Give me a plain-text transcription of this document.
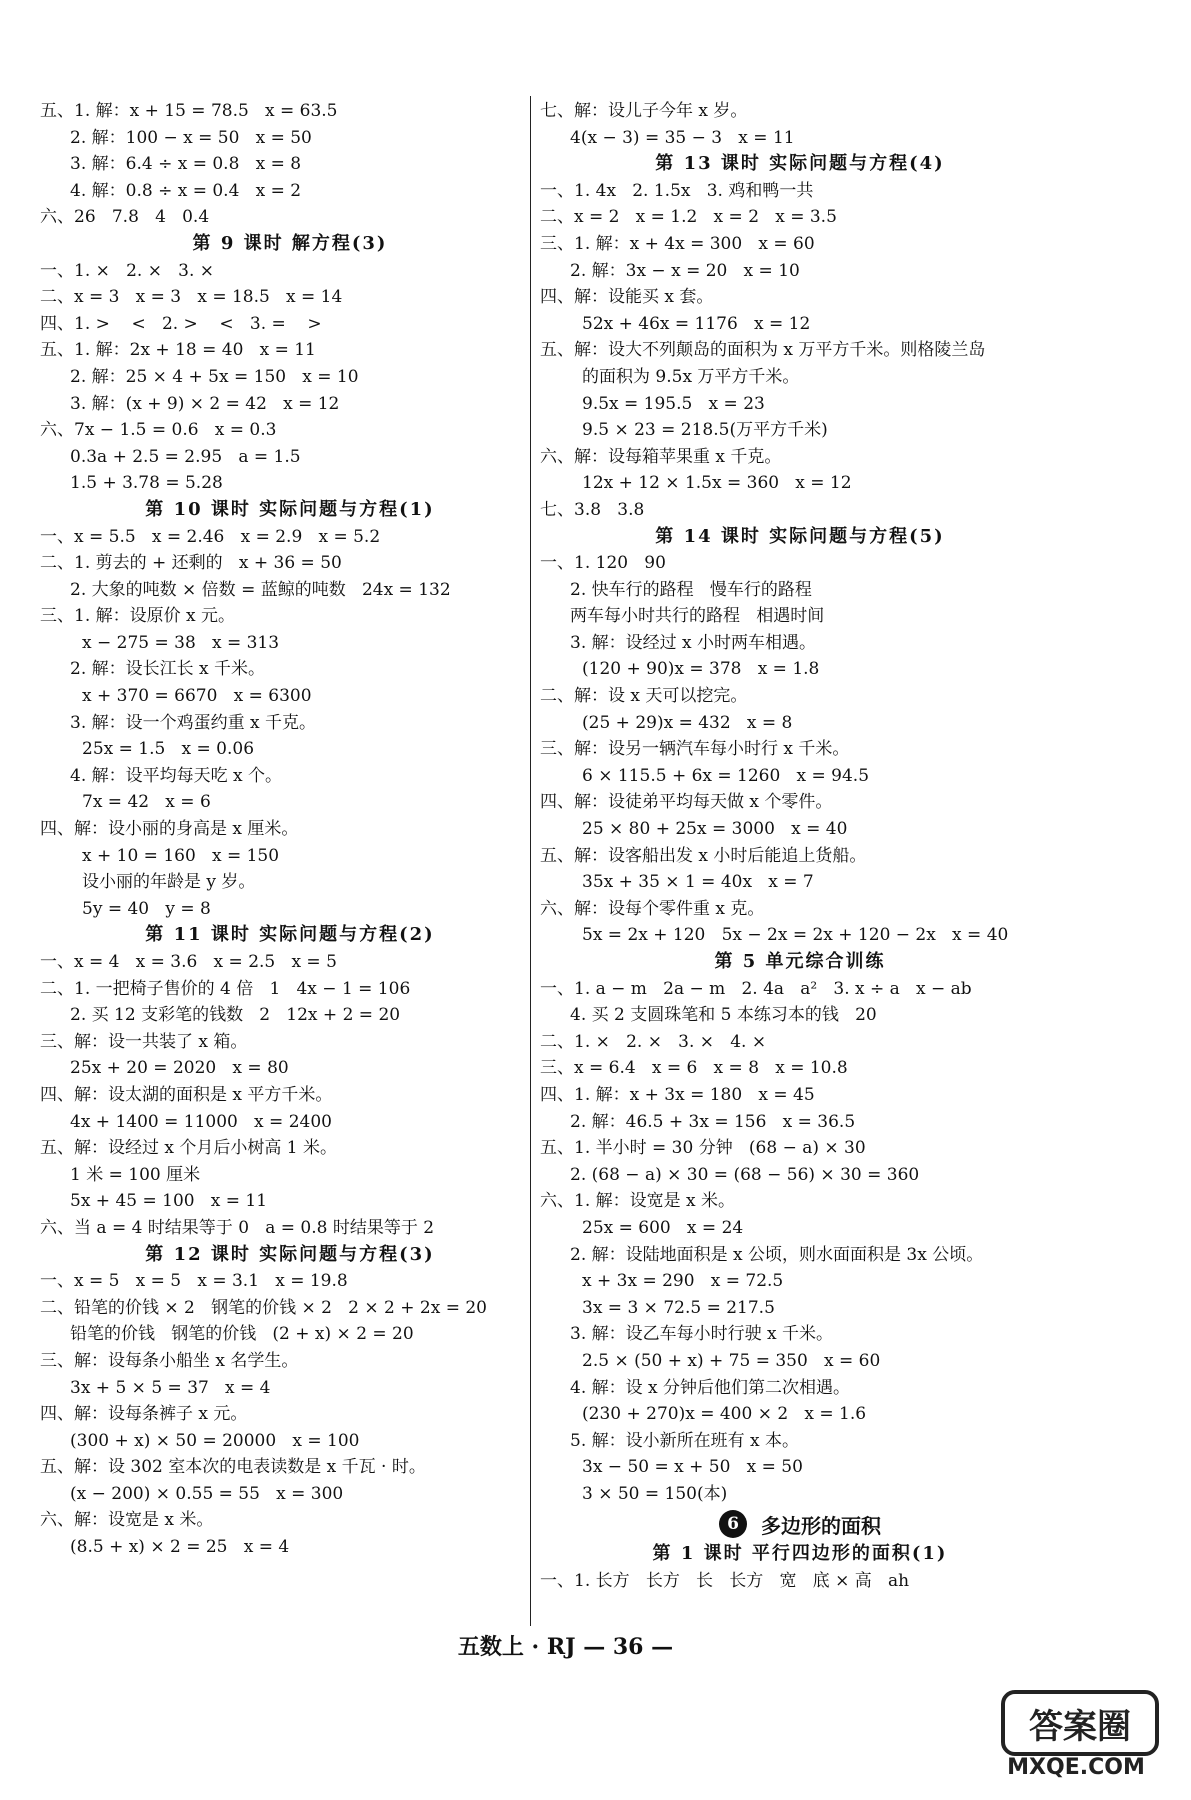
五、1. 解：x + 15 = 78.5   x = 63.5
2. 解：100 − x = 50   x = 50
3. 解：6.4 ÷ x = 0.8   x = 8
4. 解：0.8 ÷ x = 0.4   x = 2
六、26   7.8   4   0.4
第 9 课时 解方程(3)
一、1. ×   2. ×   3. ×
二、x = 3   x = 3   x = 18.5   x = 14
四、1. >    <   2. >    <   3. =    >
五、1. 解：2x + 18 = 40   x = 11
2. 解：25 × 4 + 5x = 150   x = 10
3. 解：(x + 9) × 2 = 42   x = 12
六、7x − 1.5 = 0.6   x = 0.3
0.3a + 2.5 = 2.95   a = 1.5
1.5 + 3.78 = 5.28
第 10 课时 实际问题与方程(1)
一、x = 5.5   x = 2.46   x = 2.9   x = 5.2
二、1. 剪去的 + 还剩的   x + 36 = 50
2. 大象的吨数 × 倍数 = 蓝鲸的吨数   24x = 132
三、1. 解：设原价 x 元。
x − 275 = 38   x = 313
2. 解：设长江长 x 千米。
x + 370 = 6670   x = 6300
3. 解：设一个鸡蛋约重 x 千克。
25x = 1.5   x = 0.06
4. 解：设平均每天吃 x 个。
7x = 42   x = 6
四、解：设小丽的身高是 x 厘米。
x + 10 = 160   x = 150
设小丽的年龄是 y 岁。
5y = 40   y = 8
第 11 课时 实际问题与方程(2)
一、x = 4   x = 3.6   x = 2.5   x = 5
二、1. 一把椅子售价的 4 倍   1   4x − 1 = 106
2. 买 12 支彩笔的钱数   2   12x + 2 = 20
三、解：设一共装了 x 箱。
25x + 20 = 2020   x = 80
四、解：设太湖的面积是 x 平方千米。
4x + 1400 = 11000   x = 2400
五、解：设经过 x 个月后小树高 1 米。
1 米 = 100 厘米
5x + 45 = 100   x = 11
六、当 a = 4 时结果等于 0   a = 0.8 时结果等于 2
第 12 课时 实际问题与方程(3)
一、x = 5   x = 5   x = 3.1   x = 19.8
二、铅笔的价钱 × 2   钢笔的价钱 × 2   2 × 2 + 2x = 20
铅笔的价钱   钢笔的价钱   (2 + x) × 2 = 20
三、解：设每条小船坐 x 名学生。
3x + 5 × 5 = 37   x = 4
四、解：设每条裤子 x 元。
(300 + x) × 50 = 20000   x = 100
五、解：设 302 室本次的电表读数是 x 千瓦 · 时。
(x − 200) × 0.55 = 55   x = 300
六、解：设宽是 x 米。
(8.5 + x) × 2 = 25   x = 4
七、解：设儿子今年 x 岁。
4(x − 3) = 35 − 3   x = 11
第 13 课时 实际问题与方程(4)
一、1. 4x   2. 1.5x   3. 鸡和鸭一共
二、x = 2   x = 1.2   x = 2   x = 3.5
三、1. 解：x + 4x = 300   x = 60
2. 解：3x − x = 20   x = 10
四、解：设能买 x 套。
52x + 46x = 1176   x = 12
五、解：设大不列颠岛的面积为 x 万平方千米。则格陵兰岛
的面积为 9.5x 万平方千米。
9.5x = 195.5   x = 23
9.5 × 23 = 218.5(万平方千米)
六、解：设每箱苹果重 x 千克。
12x + 12 × 1.5x = 360   x = 12
七、3.8   3.8
第 14 课时 实际问题与方程(5)
一、1. 120   90
2. 快车行的路程   慢车行的路程
两车每小时共行的路程   相遇时间
3. 解：设经过 x 小时两车相遇。
(120 + 90)x = 378   x = 1.8
二、解：设 x 天可以挖完。
(25 + 29)x = 432   x = 8
三、解：设另一辆汽车每小时行 x 千米。
6 × 115.5 + 6x = 1260   x = 94.5
四、解：设徒弟平均每天做 x 个零件。
25 × 80 + 25x = 3000   x = 40
五、解：设客船出发 x 小时后能追上货船。
35x + 35 × 1 = 40x   x = 7
六、解：设每个零件重 x 克。
5x = 2x + 120   5x − 2x = 2x + 120 − 2x   x = 40
第 5 单元综合训练
一、1. a − m   2a − m   2. 4a   a²   3. x ÷ a   x − ab
4. 买 2 支圆珠笔和 5 本练习本的钱   20
二、1. ×   2. ×   3. ×   4. ×
三、x = 6.4   x = 6   x = 8   x = 10.8
四、1. 解：x + 3x = 180   x = 45
2. 解：46.5 + 3x = 156   x = 36.5
五、1. 半小时 = 30 分钟   (68 − a) × 30
2. (68 − a) × 30 = (68 − 56) × 30 = 360
六、1. 解：设宽是 x 米。
25x = 600   x = 24
2. 解：设陆地面积是 x 公顷，则水面面积是 3x 公顷。
x + 3x = 290   x = 72.5
3x = 3 × 72.5 = 217.5
3. 解：设乙车每小时行驶 x 千米。
2.5 × (50 + x) + 75 = 350   x = 60
4. 解：设 x 分钟后他们第二次相遇。
(230 + 270)x = 400 × 2   x = 1.6
5. 解：设小新所在班有 x 本。
3x − 50 = x + 50   x = 50
3 × 50 = 150(本)
6	多边形的面积
第 1 课时 平行四边形的面积(1)
一、1. 长方   长方   长   长方   宽   底 × 高   ah
五数上 · RJ — 36 —
答案圈
MXQE.COM
